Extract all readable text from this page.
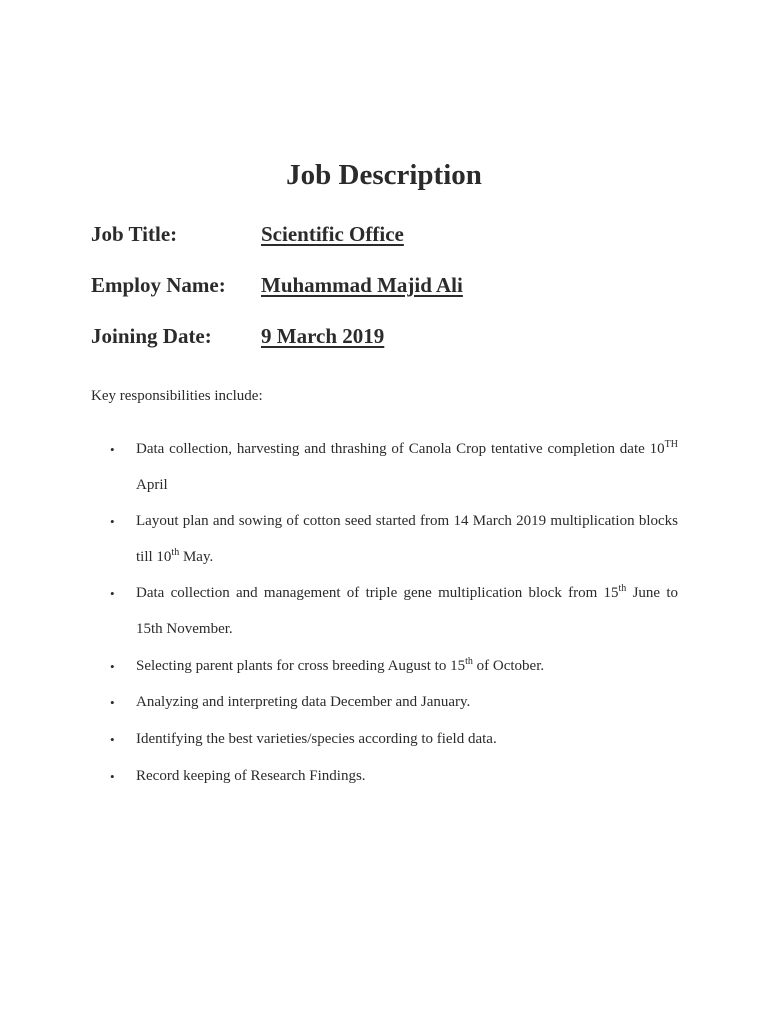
Job Description
Job Title:	Scientific Office
Employ Name: Muhammad Majid Ali
Joining Date: 9 March 2019
Key responsibilities include:
• Data collection, harvesting and thrashing of Canola Crop tentative completion date 10TH April
• Layout plan and sowing of cotton seed started from 14 March 2019 multiplication blocks till 10th May.
• Data collection and management of triple gene multiplication block from 15th June to 15th November.
• Selecting parent plants for cross breeding August to 15th of October.
• Analyzing and interpreting data December and January.
• Identifying the best varieties/species according to field data.
• Record keeping of Research Findings.
